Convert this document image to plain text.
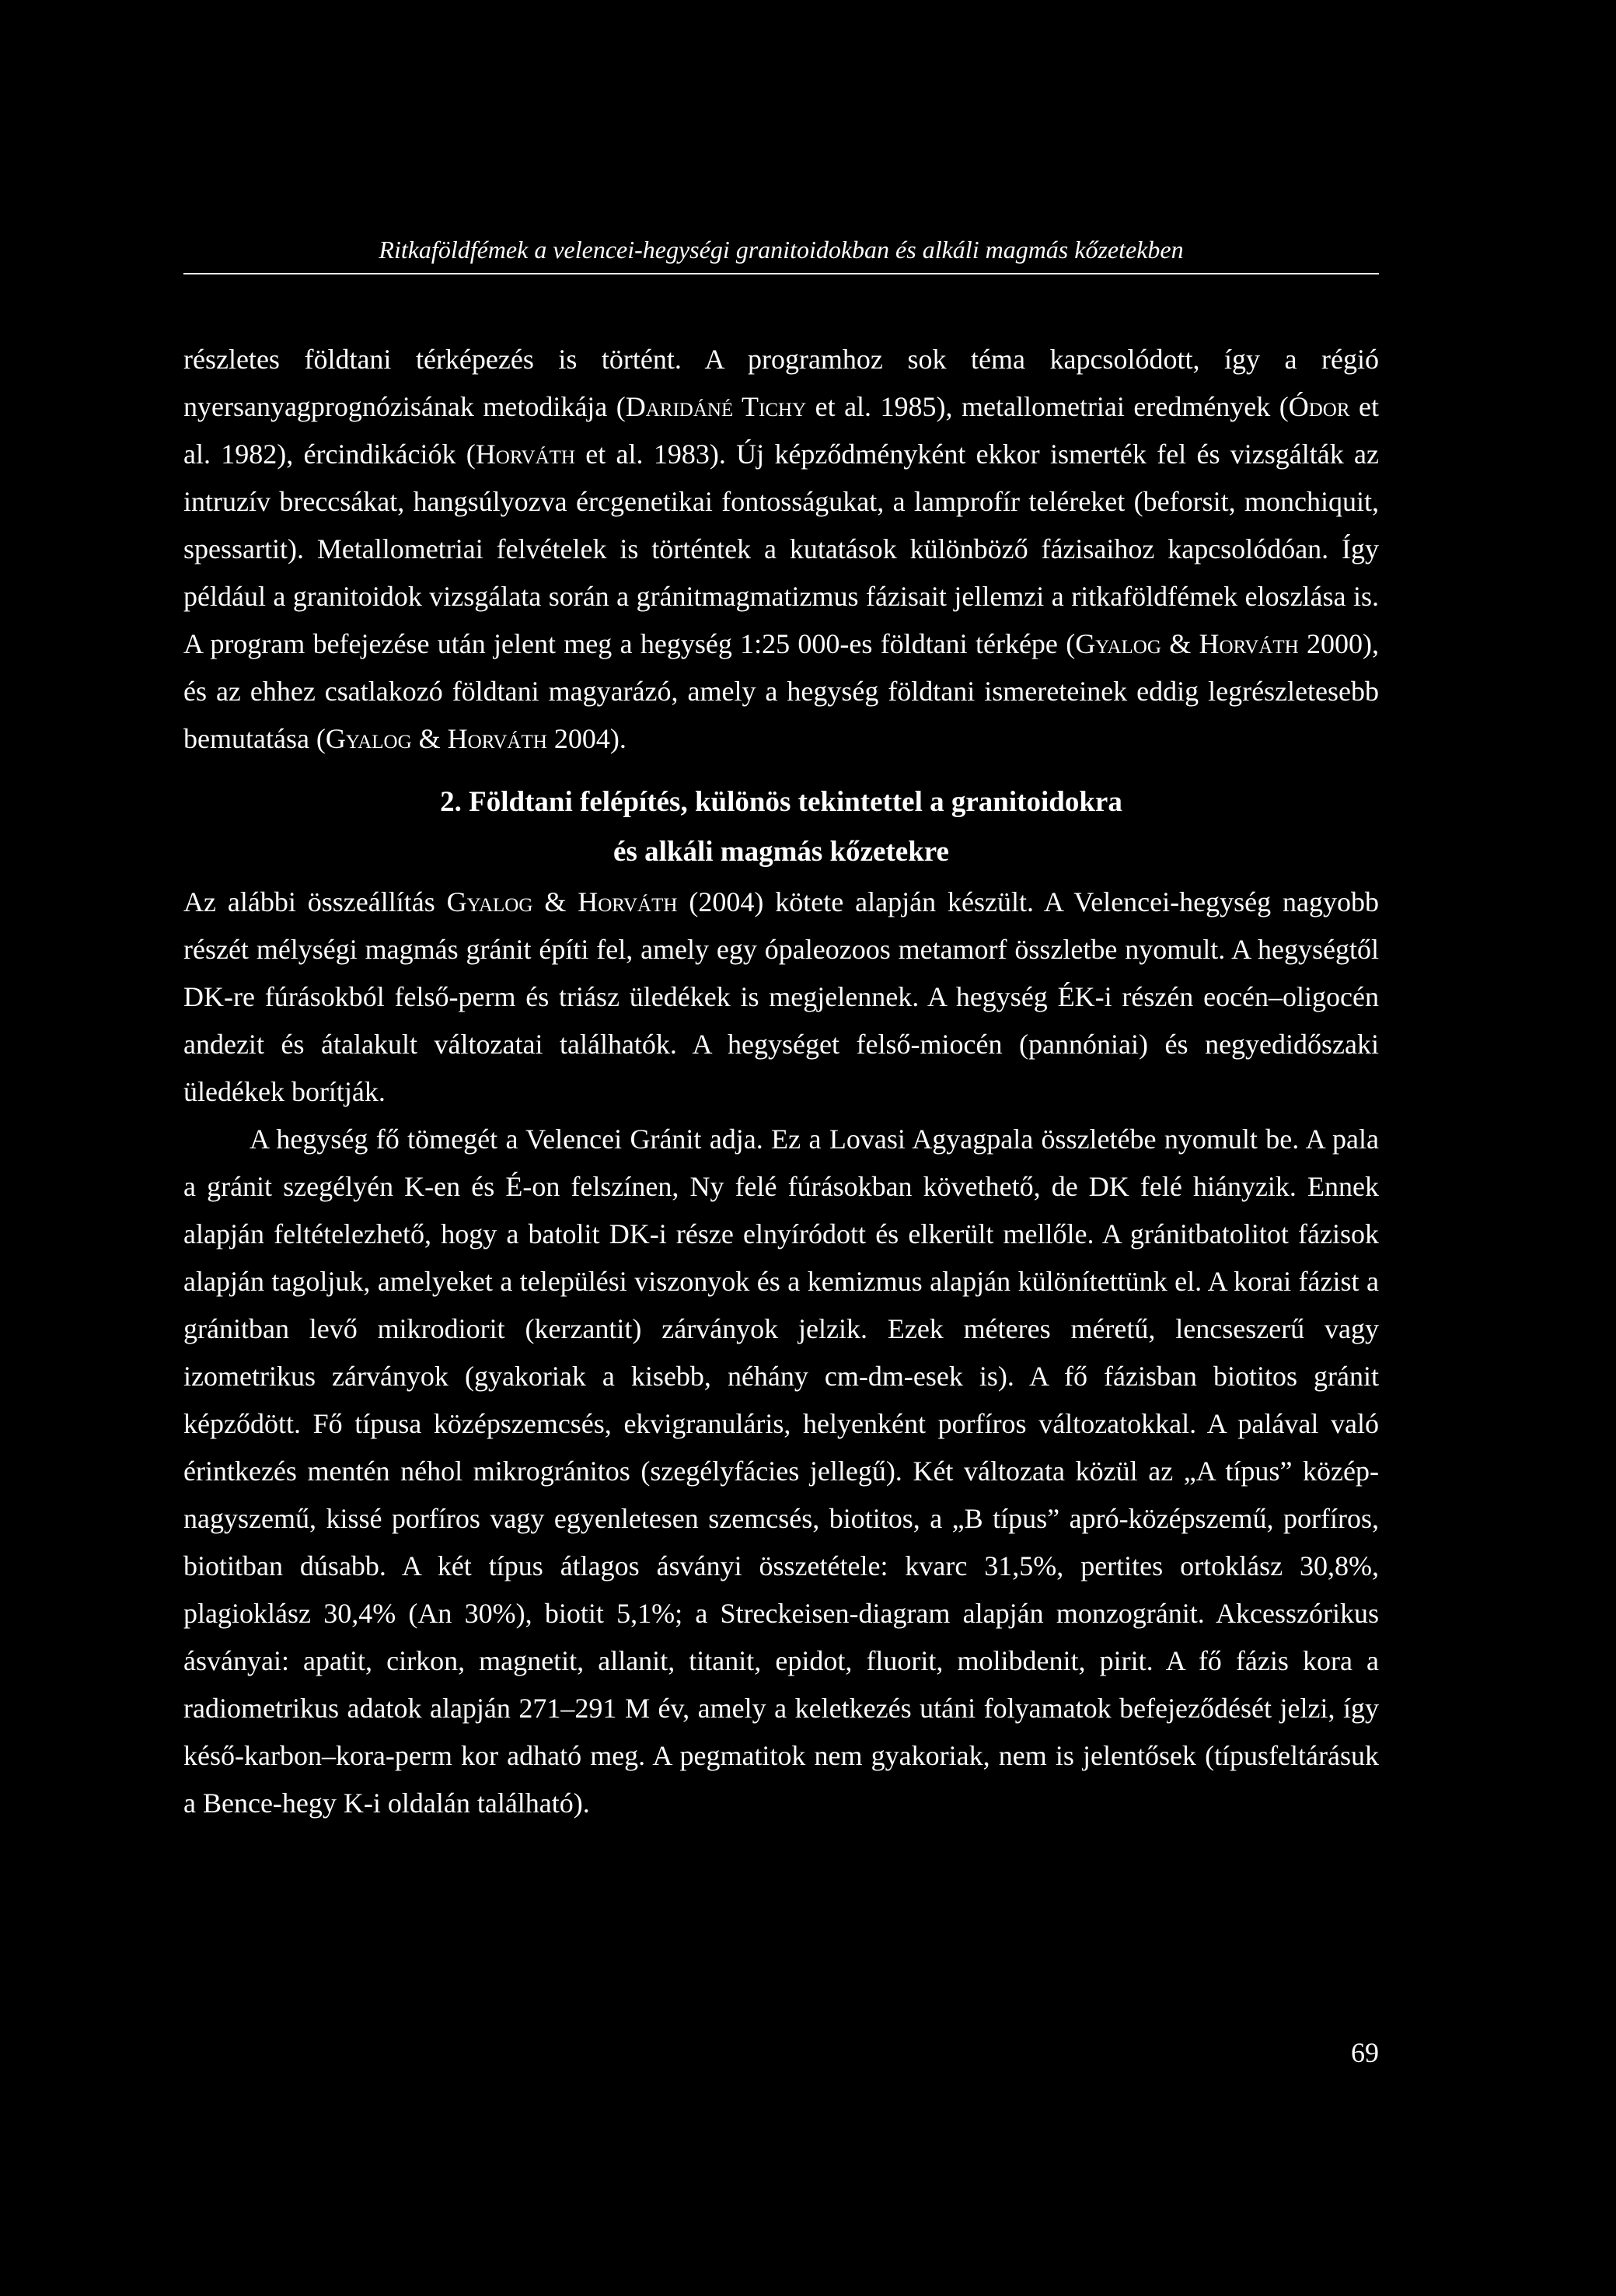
Ritkaföldfémek a velencei-hegységi granitoidokban és alkáli magmás kőzetekben

részletes földtani térképezés is történt. A programhoz sok téma kapcsolódott, így a régió nyersanyagprognózisának metodikája (Daridáné Tichy et al. 1985), metallometriai eredmények (Ódor et al. 1982), ércindikációk (Horváth et al. 1983). Új képződményként ekkor ismerték fel és vizsgálták az intruzív breccsákat, hangsúlyozva ércgenetikai fontosságukat, a lamprofír teléreket (beforsit, monchiquit, spessartit). Metallometriai felvételek is történtek a kutatások különböző fázisaihoz kapcsolódóan. Így például a granitoidok vizsgálata során a gránitmagmatizmus fázisait jellemzi a ritkaföldfémek eloszlása is. A program befejezése után jelent meg a hegység 1:25 000-es földtani térképe (Gyalog & Horváth 2000), és az ehhez csatlakozó földtani magyarázó, amely a hegység földtani ismereteinek eddig legrészletesebb bemutatása (Gyalog & Horváth 2004).

2. Földtani felépítés, különös tekintettel a granitoidokra
és alkáli magmás kőzetekre

Az alábbi összeállítás Gyalog & Horváth (2004) kötete alapján készült. A Velencei-hegység nagyobb részét mélységi magmás gránit építi fel, amely egy ópaleozoos metamorf összletbe nyomult. A hegységtől DK-re fúrásokból felső-perm és triász üledékek is megjelennek. A hegység ÉK-i részén eocén–oligocén andezit és átalakult változatai találhatók. A hegységet felső-miocén (pannóniai) és negyedidőszaki üledékek borítják.

A hegység fő tömegét a Velencei Gránit adja. Ez a Lovasi Agyagpala összletébe nyomult be. A pala a gránit szegélyén K-en és É-on felszínen, Ny felé fúrásokban követhető, de DK felé hiányzik. Ennek alapján feltételezhető, hogy a batolit DK-i része elnyíródott és elkerült mellőle. A gránitbatolitot fázisok alapján tagoljuk, amelyeket a települési viszonyok és a kemizmus alapján különítettünk el. A korai fázist a gránitban levő mikrodiorit (kerzantit) zárványok jelzik. Ezek méteres méretű, lencseszerű vagy izometrikus zárványok (gyakoriak a kisebb, néhány cm-dm-esek is). A fő fázisban biotitos gránit képződött. Fő típusa középszemcsés, ekvigranuláris, helyenként porfíros változatokkal. A palával való érintkezés mentén néhol mikrogránitos (szegélyfácies jellegű). Két változata közül az „A típus” közép-nagyszemű, kissé porfíros vagy egyenletesen szemcsés, biotitos, a „B típus” apró-középszemű, porfíros, biotitban dúsabb. A két típus átlagos ásványi összetétele: kvarc 31,5%, pertites ortoklász 30,8%, plagioklász 30,4% (An 30%), biotit 5,1%; a Streckeisen-diagram alapján monzogránit. Akcesszórikus ásványai: apatit, cirkon, magnetit, allanit, titanit, epidot, fluorit, molibdenit, pirit. A fő fázis kora a radiometrikus adatok alapján 271–291 M év, amely a keletkezés utáni folyamatok befejeződését jelzi, így késő-karbon–kora-perm kor adható meg. A pegmatitok nem gyakoriak, nem is jelentősek (típusfeltárásuk a Bence-hegy K-i oldalán található).

69
